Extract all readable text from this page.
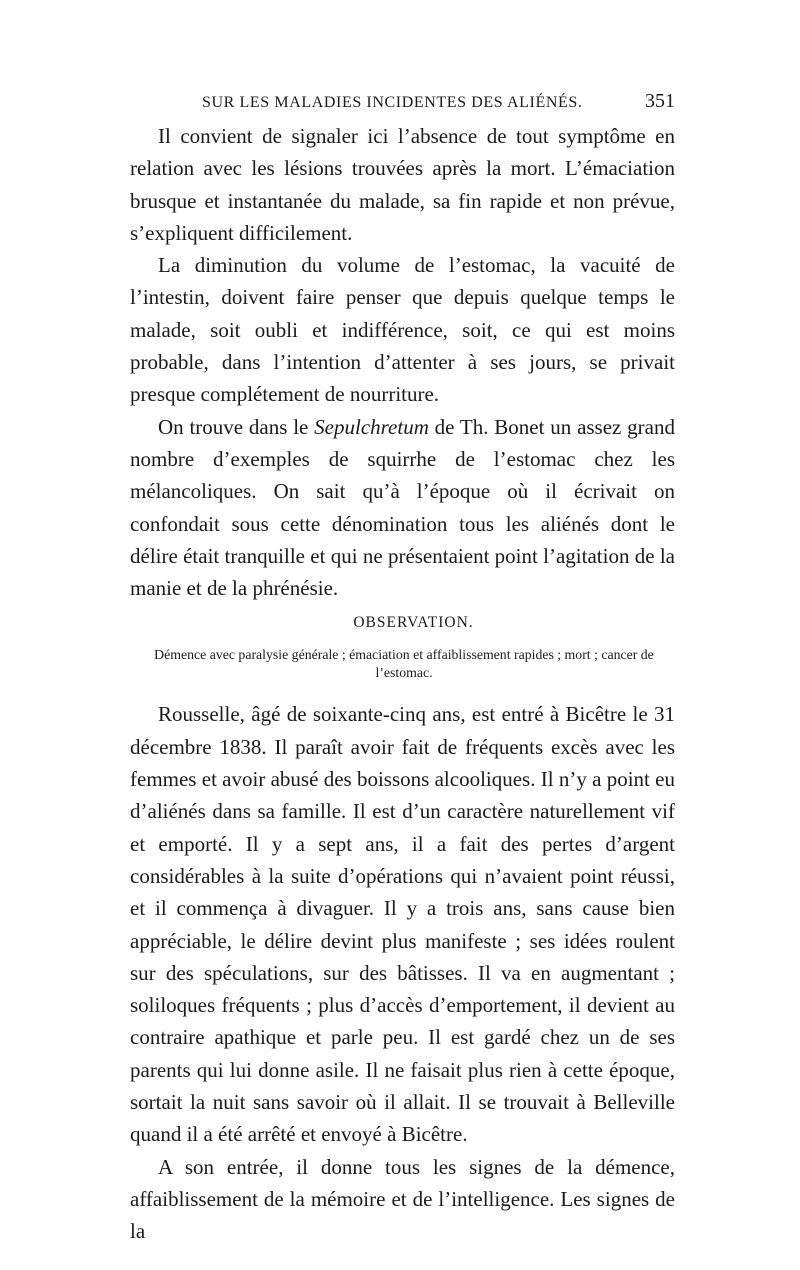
SUR LES MALADIES INCIDENTES DES ALIÉNÉS.	351

Il convient de signaler ici l’absence de tout symptôme en relation avec les lésions trouvées après la mort. L’émaciation brusque et instantanée du malade, sa fin rapide et non prévue, s’expliquent difficilement.

La diminution du volume de l’estomac, la vacuité de l’intestin, doivent faire penser que depuis quelque temps le malade, soit oubli et indifférence, soit, ce qui est moins probable, dans l’intention d’attenter à ses jours, se privait presque complétement de nourriture.

On trouve dans le Sepulchretum de Th. Bonet un assez grand nombre d’exemples de squirrhe de l’estomac chez les mélancoliques. On sait qu’à l’époque où il écrivait on confondait sous cette dénomination tous les aliénés dont le délire était tranquille et qui ne présentaient point l’agitation de la manie et de la phrénésie.

OBSERVATION.
Démence avec paralysie générale ; émaciation et affaiblissement rapides ; mort ; cancer de l’estomac.

Rousselle, âgé de soixante-cinq ans, est entré à Bicêtre le 31 décembre 1838. Il paraît avoir fait de fréquents excès avec les femmes et avoir abusé des boissons alcooliques. Il n’y a point eu d’aliénés dans sa famille. Il est d’un caractère naturellement vif et emporté. Il y a sept ans, il a fait des pertes d’argent considérables à la suite d’opérations qui n’avaient point réussi, et il commença à divaguer. Il y a trois ans, sans cause bien appréciable, le délire devint plus manifeste ; ses idées roulent sur des spéculations, sur des bâtisses. Il va en augmentant ; soliloques fréquents ; plus d’accès d’emportement, il devient au contraire apathique et parle peu. Il est gardé chez un de ses parents qui lui donne asile. Il ne faisait plus rien à cette époque, sortait la nuit sans savoir où il allait. Il se trouvait à Belleville quand il a été arrêté et envoyé à Bicêtre.

A son entrée, il donne tous les signes de la démence, affaiblissement de la mémoire et de l’intelligence. Les signes de la
